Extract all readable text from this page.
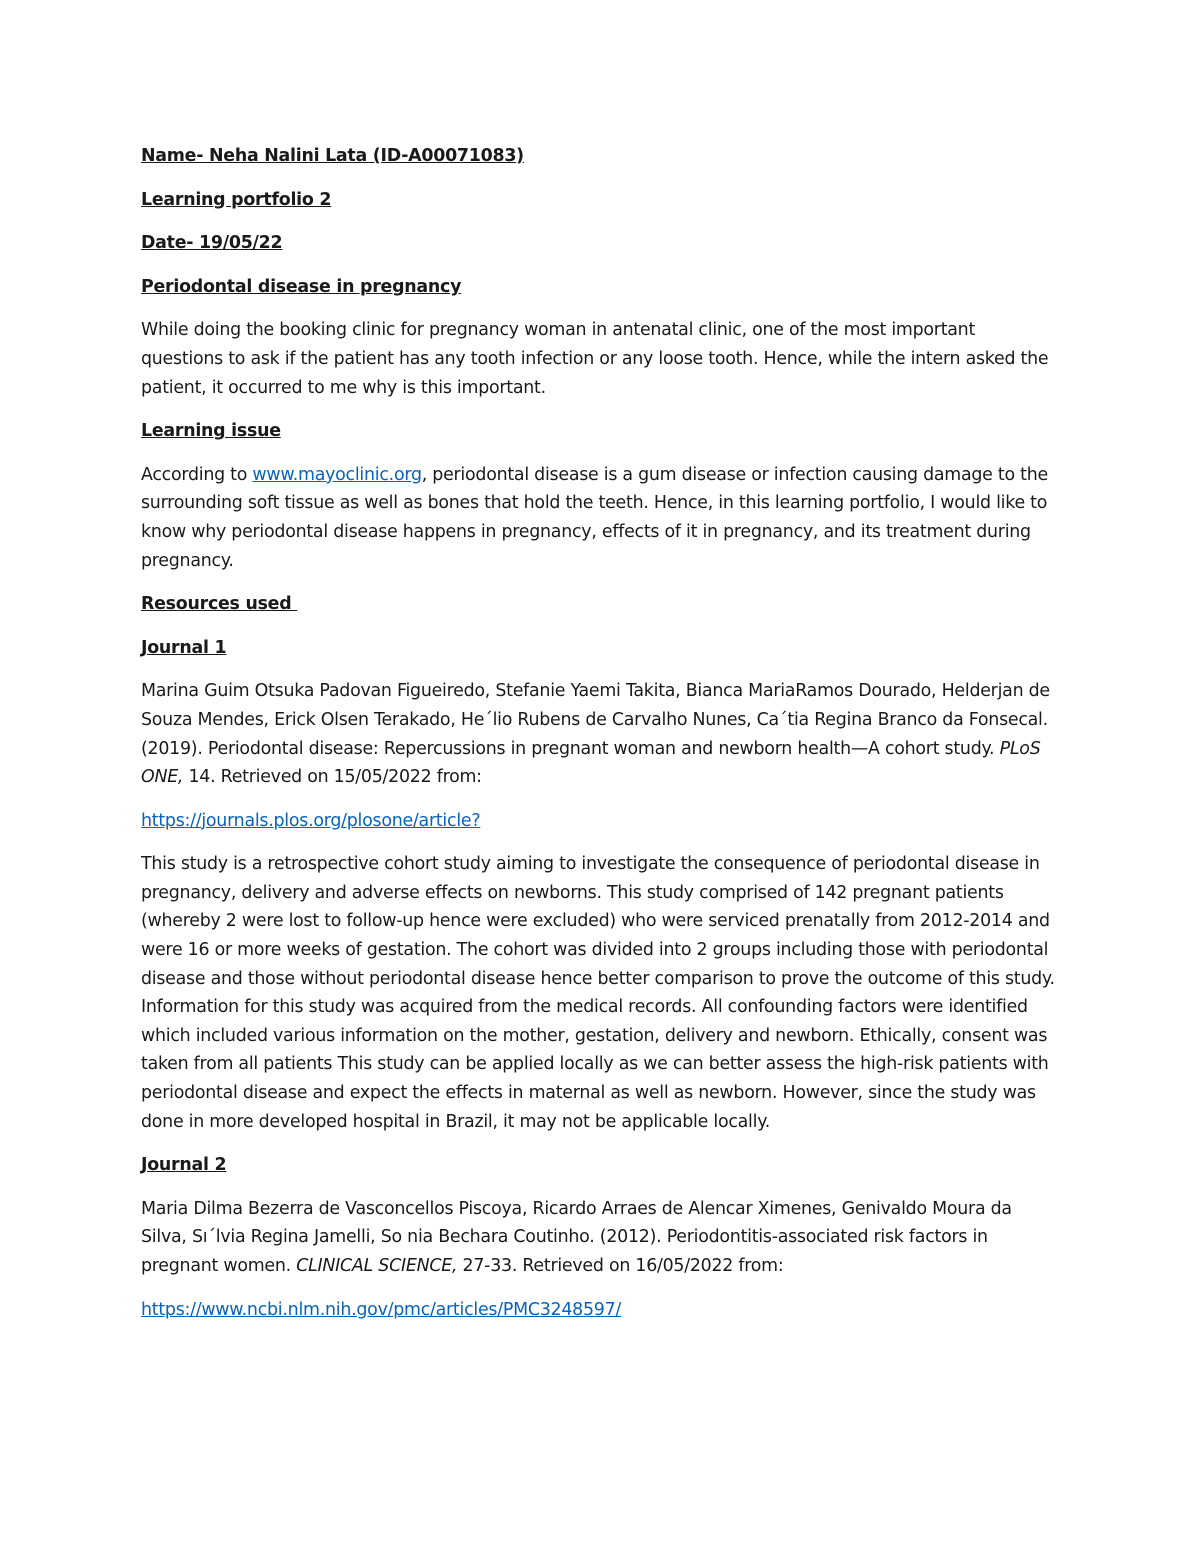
Name- Neha Nalini Lata (ID-A00071083)

Learning portfolio 2

Date- 19/05/22

Periodontal disease in pregnancy

While doing the booking clinic for pregnancy woman in antenatal clinic, one of the most important questions to ask if the patient has any tooth infection or any loose tooth. Hence, while the intern asked the patient, it occurred to me why is this important.

Learning issue

According to www.mayoclinic.org, periodontal disease is a gum disease or infection causing damage to the surrounding soft tissue as well as bones that hold the teeth. Hence, in this learning portfolio, I would like to know why periodontal disease happens in pregnancy, effects of it in pregnancy, and its treatment during pregnancy.

Resources used

Journal 1

Marina Guim Otsuka Padovan Figueiredo, Stefanie Yaemi Takita, Bianca MariaRamos Dourado, Helderjan de Souza Mendes, Erick Olsen Terakado, He´lio Rubens de Carvalho Nunes, Ca´tia Regina Branco da Fonsecal. (2019). Periodontal disease: Repercussions in pregnant woman and newborn health—A cohort study. PLoS ONE, 14. Retrieved on 15/05/2022 from:

https://journals.plos.org/plosone/article?

This study is a retrospective cohort study aiming to investigate the consequence of periodontal disease in pregnancy, delivery and adverse effects on newborns. This study comprised of 142 pregnant patients (whereby 2 were lost to follow-up hence were excluded) who were serviced prenatally from 2012-2014 and were 16 or more weeks of gestation. The cohort was divided into 2 groups including those with periodontal disease and those without periodontal disease hence better comparison to prove the outcome of this study. Information for this study was acquired from the medical records. All confounding factors were identified which included various information on the mother, gestation, delivery and newborn. Ethically, consent was taken from all patients This study can be applied locally as we can better assess the high-risk patients with periodontal disease and expect the effects in maternal as well as newborn. However, since the study was done in more developed hospital in Brazil, it may not be applicable locally.

Journal 2

Maria Dilma Bezerra de Vasconcellos Piscoya, Ricardo Arraes de Alencar Ximenes, Genivaldo Moura da Silva, Sı´lvia Regina Jamelli, So nia Bechara Coutinho. (2012). Periodontitis-associated risk factors in pregnant women. CLINICAL SCIENCE, 27-33. Retrieved on 16/05/2022 from:

https://www.ncbi.nlm.nih.gov/pmc/articles/PMC3248597/
